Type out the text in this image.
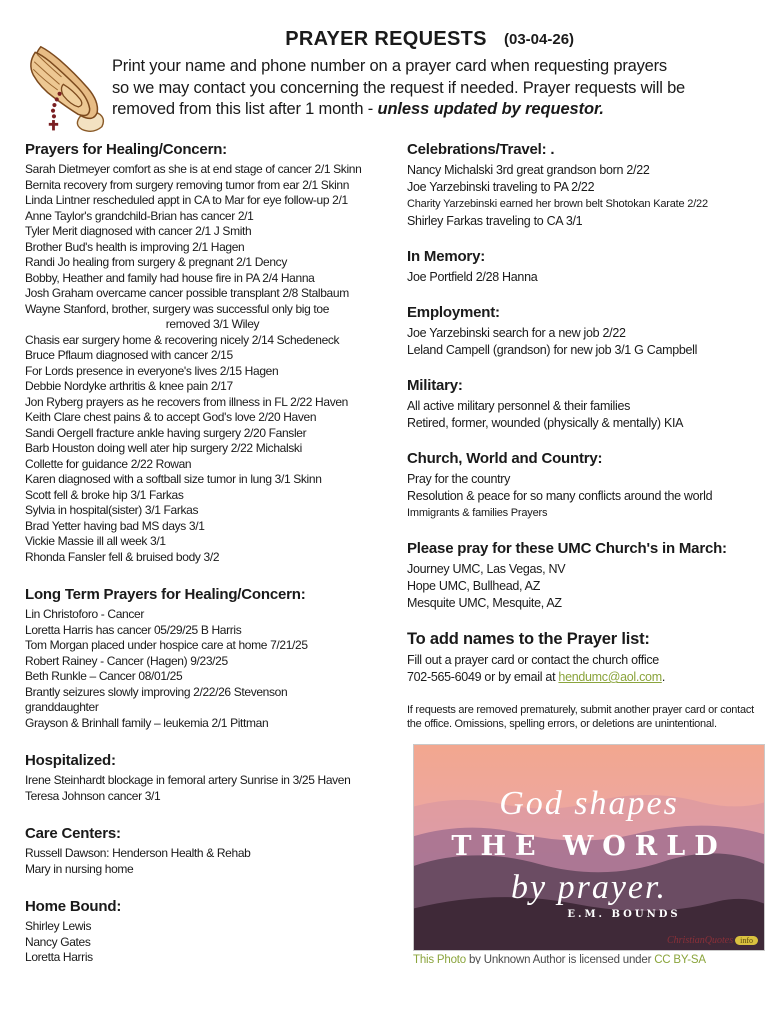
PRAYER REQUESTS (03-04-26)
Print your name and phone number on a prayer card when requesting prayers
so we may contact you concerning the request if needed. Prayer requests will be
removed from this list after 1 month - unless updated by requestor.
Prayers for Healing/Concern:
Sarah Dietmeyer comfort as she is at end stage of cancer 2/1 Skinn
Bernita recovery from surgery removing tumor from ear 2/1 Skinn
Linda Lintner rescheduled appt in CA to Mar for eye follow-up 2/1
Anne Taylor's grandchild-Brian has cancer 2/1
Tyler Merit diagnosed with cancer 2/1 J Smith
Brother Bud's health is improving 2/1 Hagen
Randi Jo healing from surgery & pregnant 2/1 Dency
Bobby, Heather and family had house fire in PA 2/4 Hanna
Josh Graham overcame cancer possible transplant 2/8 Stalbaum
Wayne Stanford, brother, surgery was successful only big toe
removed 3/1 Wiley
Chasis ear surgery home & recovering nicely 2/14 Schedeneck
Bruce Pflaum diagnosed with cancer 2/15
For Lords presence in everyone's lives 2/15 Hagen
Debbie Nordyke arthritis & knee pain 2/17
Jon Ryberg prayers as he recovers from illness in FL 2/22 Haven
Keith Clare chest pains & to accept God's love 2/20 Haven
Sandi Oergell fracture ankle having surgery 2/20 Fansler
Barb Houston doing well ater hip surgery 2/22 Michalski
Collette for guidance 2/22 Rowan
Karen diagnosed with a softball size tumor in lung 3/1 Skinn
Scott fell & broke hip 3/1 Farkas
Sylvia in hospital(sister) 3/1 Farkas
Brad Yetter having bad MS days 3/1
Vickie Massie ill all week 3/1
Rhonda Fansler fell & bruised body 3/2
Long Term Prayers for Healing/Concern:
Lin Christoforo - Cancer
Loretta Harris has cancer 05/29/25 B Harris
Tom Morgan placed under hospice care at home 7/21/25
Robert Rainey - Cancer (Hagen) 9/23/25
Beth Runkle – Cancer 08/01/25
Brantly seizures slowly improving 2/22/26 Stevenson
granddaughter
Grayson & Brinhall family – leukemia 2/1 Pittman
Hospitalized:
Irene Steinhardt blockage in femoral artery Sunrise in 3/25 Haven
Teresa Johnson cancer 3/1
Care Centers:
Russell Dawson: Henderson Health & Rehab
Mary in nursing home
Home Bound:
Shirley Lewis
Nancy Gates
Loretta Harris
Celebrations/Travel: .
Nancy Michalski 3rd great grandson born 2/22
Joe Yarzebinski traveling to PA 2/22
Charity Yarzebinski earned her brown belt Shotokan Karate 2/22
Shirley Farkas traveling to CA 3/1
In Memory:
Joe Portfield 2/28 Hanna
Employment:
Joe Yarzebinski search for a new job 2/22
Leland Campell (grandson) for new job 3/1 G Campbell
Military:
All active military personnel & their families
Retired, former, wounded (physically & mentally) KIA
Church, World and Country:
Pray for the country
Resolution & peace for so many conflicts around the world
Immigrants & families Prayers
Please pray for these UMC Church's in March:
Journey UMC, Las Vegas, NV
Hope UMC, Bullhead, AZ
Mesquite UMC, Mesquite, AZ
To add names to the Prayer list:
Fill out a prayer card or contact the church office
702-565-6049 or by email at hendumc@aol.com.
If requests are removed prematurely, submit another prayer card or contact
the office. Omissions, spelling errors, or deletions are unintentional.
God shapes
THE WORLD
by prayer.
E.M. BOUNDS
ChristianQuotes info
This Photo by Unknown Author is licensed under CC BY-SA
